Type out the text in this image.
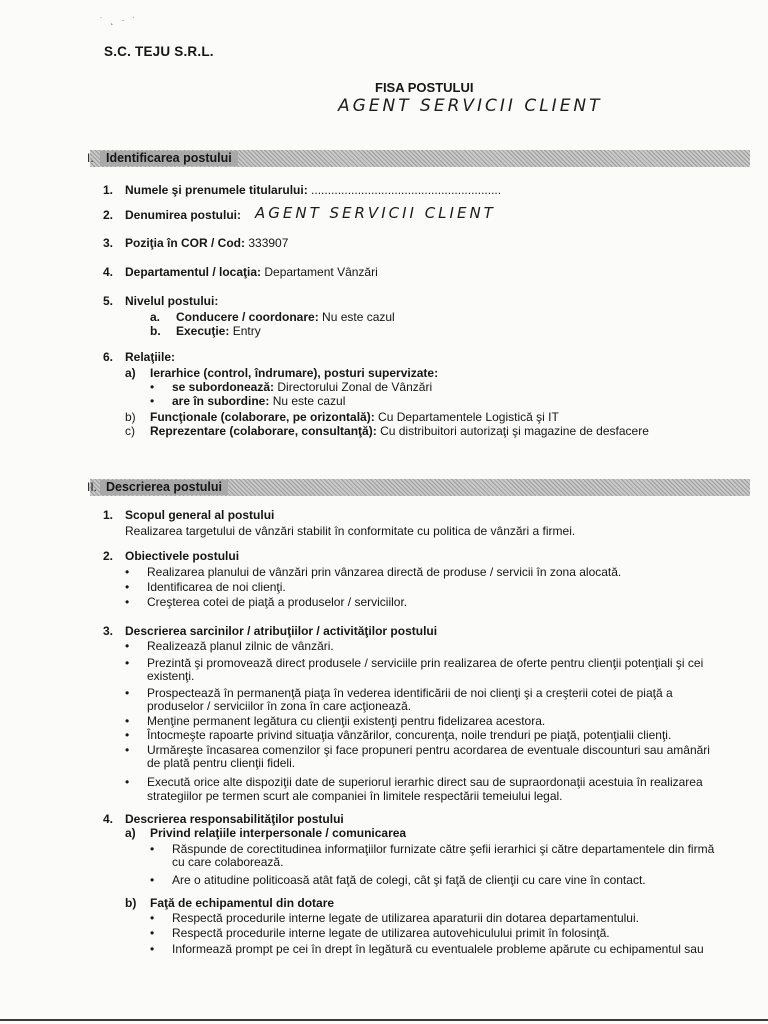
˙ ˛ · ˙
S.C. TEJU S.R.L.
FISA POSTULUI
AGENT SERVICII CLIENT
I. Identificarea postului
1. Numele şi prenumele titularului: .........................................................
2. Denumirea postului: AGENT SERVICII CLIENT
3. Poziţia în COR / Cod: 333907
4. Departamentul / locaţia: Departament Vânzări
5. Nivelul postului:
a. Conducere / coordonare: Nu este cazul
b. Execuţie: Entry
6. Relaţiile:
a) Ierarhice (control, îndrumare), posturi supervizate:
• se subordonează: Directorului Zonal de Vânzări
• are în subordine: Nu este cazul
b) Funcţionale (colaborare, pe orizontală): Cu Departamentele Logistică şi IT
c) Reprezentare (colaborare, consultanţă): Cu distribuitori autorizaţi şi magazine de desfacere
II. Descrierea postului
1. Scopul general al postului
Realizarea targetului de vânzări stabilit în conformitate cu politica de vânzări a firmei.
2. Obiectivele postului
• Realizarea planului de vânzări prin vânzarea directă de produse / servicii în zona alocată.
• Identificarea de noi clienţi.
• Creşterea cotei de piaţă a produselor / serviciilor.
3. Descrierea sarcinilor / atribuţiilor / activităţilor postului
• Realizează planul zilnic de vânzări.
• Prezintă şi promovează direct produsele / serviciile prin realizarea de oferte pentru clienţii potenţiali şi cei
existenţi.
• Prospectează în permanenţă piaţa în vederea identificării de noi clienţi şi a creşterii cotei de piaţă a
produselor / serviciilor în zona în care acţionează.
• Menţine permanent legătura cu clienţii existenţi pentru fidelizarea acestora.
• Întocmeşte rapoarte privind situaţia vânzărilor, concurenţa, noile trenduri pe piaţă, potenţialii clienţi.
• Urmăreşte încasarea comenzilor şi face propuneri pentru acordarea de eventuale discounturi sau amânări
de plată pentru clienţii fideli.
• Execută orice alte dispoziţii date de superiorul ierarhic direct sau de supraordonaţii acestuia în realizarea
strategiilor pe termen scurt ale companiei în limitele respectării temeiului legal.
4. Descrierea responsabilităţilor postului
a) Privind relaţiile interpersonale / comunicarea
• Răspunde de corectitudinea informaţiilor furnizate către şefii ierarhici şi către departamentele din firmă
cu care colaborează.
• Are o atitudine politicoasă atât faţă de colegi, cât şi faţă de clienţii cu care vine în contact.
b) Faţă de echipamentul din dotare
• Respectă procedurile interne legate de utilizarea aparaturii din dotarea departamentului.
• Respectă procedurile interne legate de utilizarea autovehiculului primit în folosinţă.
• Informează prompt pe cei în drept în legătură cu eventualele probleme apărute cu echipamentul sau
